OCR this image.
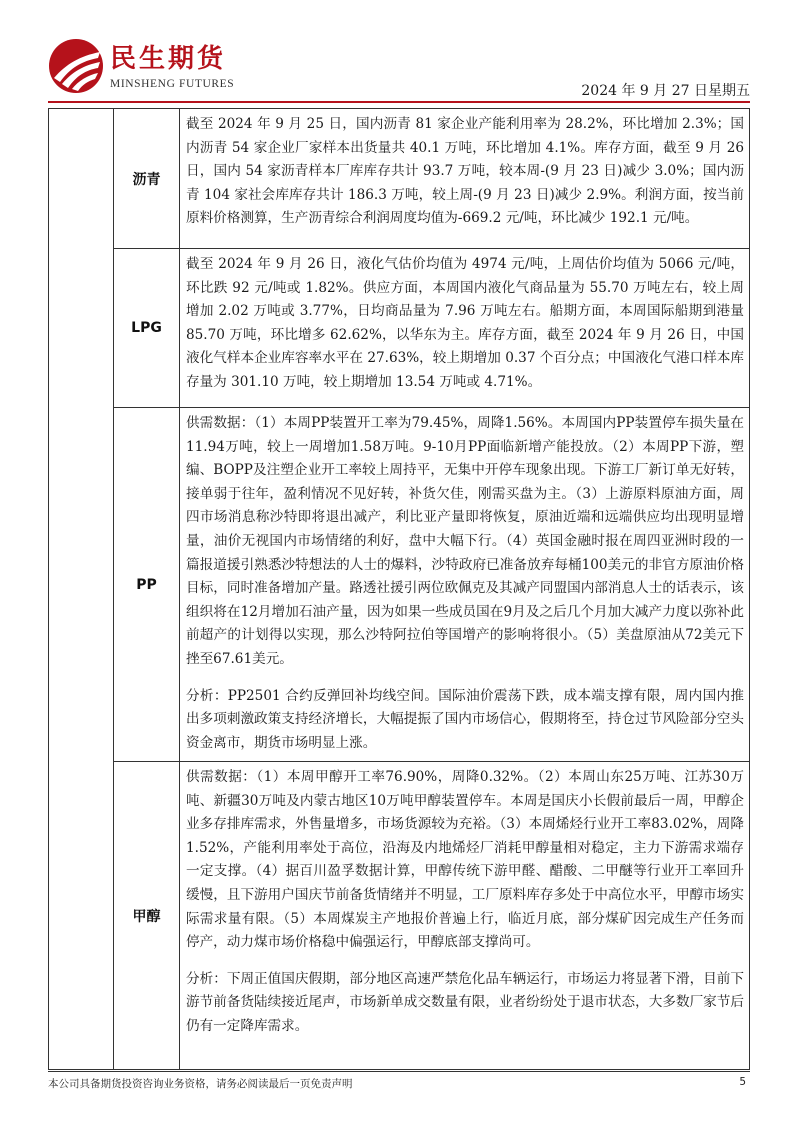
民生期货
MINSHENG FUTURES	2024 年 9 月 27 日星期五
沥青

截至 2024 年 9 月 25 日，国内沥青 81 家企业产能利用率为 28.2%，环比增加 2.3%；国内沥青 54 家企业厂家样本出货量共 40.1 万吨，环比增加 4.1%。库存方面，截至 9 月 26 日，国内 54 家沥青样本厂库库存共计 93.7 万吨，较本周-(9 月 23 日)减少 3.0%；国内沥青 104 家社会库库存共计 186.3 万吨，较上周-(9 月 23 日)减少 2.9%。利润方面，按当前原料价格测算，生产沥青综合利润周度均值为-669.2 元/吨，环比减少 192.1 元/吨。

LPG

截至 2024 年 9 月 26 日，液化气估价均值为 4974 元/吨，上周估价均值为 5066 元/吨，环比跌 92 元/吨或 1.82%。供应方面，本周国内液化气商品量为 55.70 万吨左右，较上周增加 2.02 万吨或 3.77%，日均商品量为 7.96 万吨左右。船期方面，本周国际船期到港量 85.70 万吨，环比增多 62.62%，以华东为主。库存方面，截至 2024 年 9 月 26 日，中国液化气样本企业库容率水平在 27.63%，较上期增加 0.37 个百分点；中国液化气港口样本库存量为 301.10 万吨，较上期增加 13.54 万吨或 4.71%。

PP

供需数据：（1）本周PP装置开工率为79.45%，周降1.56%。本周国内PP装置停车损失量在11.94万吨，较上一周增加1.58万吨。9-10月PP面临新增产能投放。（2）本周PP下游，塑编、BOPP及注塑企业开工率较上周持平，无集中开停车现象出现。下游工厂新订单无好转，接单弱于往年，盈利情况不见好转，补货欠佳，刚需买盘为主。（3）上游原料原油方面，周四市场消息称沙特即将退出减产，利比亚产量即将恢复，原油近端和远端供应均出现明显增量，油价无视国内市场情绪的利好，盘中大幅下行。（4）英国金融时报在周四亚洲时段的一篇报道援引熟悉沙特想法的人士的爆料，沙特政府已准备放弃每桶100美元的非官方原油价格目标，同时准备增加产量。路透社援引两位欧佩克及其减产同盟国内部消息人士的话表示，该组织将在12月增加石油产量，因为如果一些成员国在9月及之后几个月加大减产力度以弥补此前超产的计划得以实现，那么沙特阿拉伯等国增产的影响将很小。（5）美盘原油从72美元下挫至67.61美元。

分析：PP2501 合约反弹回补均线空间。国际油价震荡下跌，成本端支撑有限，周内国内推出多项刺激政策支持经济增长，大幅提振了国内市场信心，假期将至，持仓过节风险部分空头资金离市，期货市场明显上涨。

甲醇

供需数据：（1）本周甲醇开工率76.90%，周降0.32%。（2）本周山东25万吨、江苏30万吨、新疆30万吨及内蒙古地区10万吨甲醇装置停车。本周是国庆小长假前最后一周，甲醇企业多存排库需求，外售量增多，市场货源较为充裕。（3）本周烯烃行业开工率83.02%，周降1.52%，产能利用率处于高位，沿海及内地烯烃厂消耗甲醇量相对稳定，主力下游需求端存一定支撑。（4）据百川盈孚数据计算，甲醇传统下游甲醛、醋酸、二甲醚等行业开工率回升缓慢，且下游用户国庆节前备货情绪并不明显，工厂原料库存多处于中高位水平，甲醇市场实际需求量有限。（5）本周煤炭主产地报价普遍上行，临近月底，部分煤矿因完成生产任务而停产，动力煤市场价格稳中偏强运行，甲醇底部支撑尚可。

分析：下周正值国庆假期，部分地区高速严禁危化品车辆运行，市场运力将显著下滑，目前下游节前备货陆续接近尾声，市场新单成交数量有限，业者纷纷处于退市状态，大多数厂家节后仍有一定降库需求。

本公司具备期货投资咨询业务资格，请务必阅读最后一页免责声明	5
